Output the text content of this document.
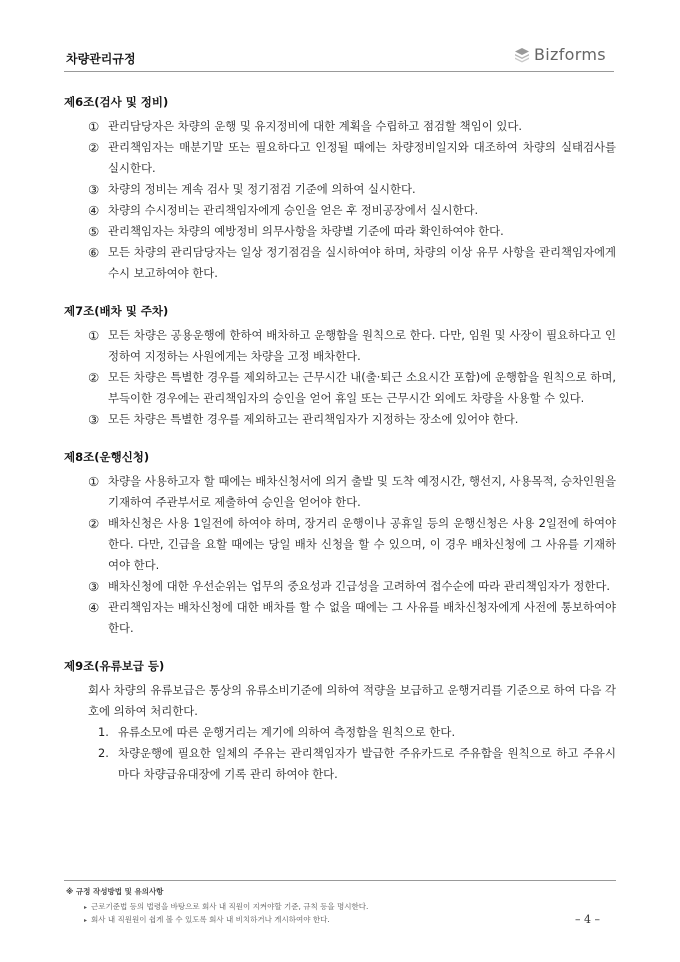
차량관리규정	Bizforms
제6조(검사 및 정비)
① 관리담당자은 차량의 운행 및 유지정비에 대한 계획을 수립하고 점검할 책임이 있다.
② 관리책임자는 매분기말 또는 필요하다고 인정될 때에는 차량정비일지와 대조하여 차량의 실태검사를 실시한다.
③ 차량의 정비는 계속 검사 및 정기점검 기준에 의하여 실시한다.
④ 차량의 수시정비는 관리책임자에게 승인을 얻은 후 정비공장에서 실시한다.
⑤ 관리책임자는 차량의 예방정비 의무사항을 차량별 기준에 따라 확인하여야 한다.
⑥ 모든 차량의 관리담당자는 일상 정기점검을 실시하여야 하며, 차량의 이상 유무 사항을 관리책임자에게 수시 보고하여야 한다.
제7조(배차 및 주차)
① 모든 차량은 공용운행에 한하여 배차하고 운행함을 원칙으로 한다. 다만, 임원 및 사장이 필요하다고 인정하여 지정하는 사원에게는 차량을 고정 배차한다.
② 모든 차량은 특별한 경우를 제외하고는 근무시간 내(출·퇴근 소요시간 포함)에 운행함을 원칙으로 하며, 부득이한 경우에는 관리책임자의 승인을 얻어 휴일 또는 근무시간 외에도 차량을 사용할 수 있다.
③ 모든 차량은 특별한 경우를 제외하고는 관리책임자가 지정하는 장소에 있어야 한다.
제8조(운행신청)
① 차량을 사용하고자 할 때에는 배차신청서에 의거 출발 및 도착 예정시간, 행선지, 사용목적, 승차인원을 기재하여 주관부서로 제출하여 승인을 얻어야 한다.
② 배차신청은 사용 1일전에 하여야 하며, 장거리 운행이나 공휴일 등의 운행신청은 사용 2일전에 하여야 한다. 다만, 긴급을 요할 때에는 당일 배차 신청을 할 수 있으며, 이 경우 배차신청에 그 사유를 기재하여야 한다.
③ 배차신청에 대한 우선순위는 업무의 중요성과 긴급성을 고려하여 접수순에 따라 관리책임자가 정한다.
④ 관리책임자는 배차신청에 대한 배차를 할 수 없을 때에는 그 사유를 배차신청자에게 사전에 통보하여야 한다.
제9조(유류보급 등)
회사 차량의 유류보급은 통상의 유류소비기준에 의하여 적량을 보급하고 운행거리를 기준으로 하여 다음 각 호에 의하여 처리한다.
1. 유류소모에 따른 운행거리는 계기에 의하여 측정함을 원칙으로 한다.
2. 차량운행에 필요한 일체의 주유는 관리책임자가 발급한 주유카드로 주유함을 원칙으로 하고 주유시마다 차량급유대장에 기록 관리 하여야 한다.
※ 규정 작성방법 및 유의사항
▸ 근로기준법 등의 법령을 바탕으로 회사 내 직원이 지켜야할 기준, 규칙 등을 명시한다.
▸ 회사 내 직원원이 쉽게 볼 수 있도록 회사 내 비치하거나 게시하여야 한다.	– 4 –
